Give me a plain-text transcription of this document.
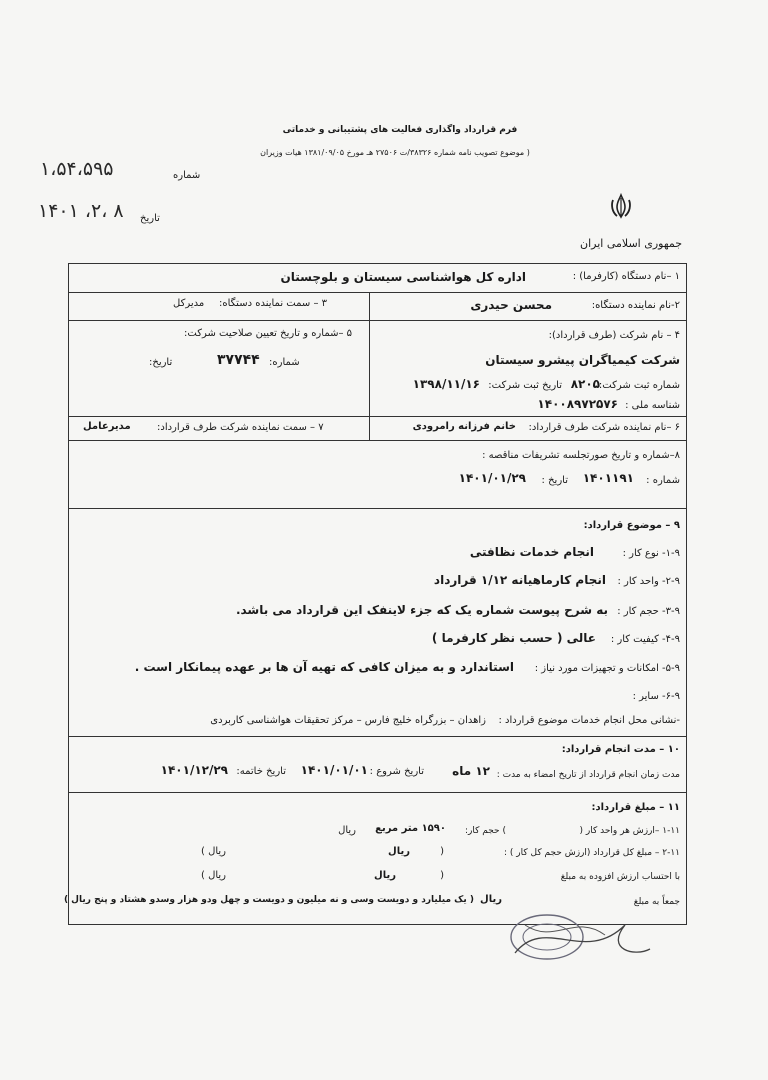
فرم قرارداد واگذاری فعالیت های پشتیبانی و خدماتی
( موضوع تصویب نامه شماره ۳۸۳۲۶/ت ۲۷۵۰۶ هـ مورخ ۱۳۸۱/۰۹/۰۵ هیات وزیران
شماره
۱،۵۴،۵۹۵
تاریخ
۱۴۰۱ ،۲، ۸
جمهوری اسلامی ایران
۱ –نام دستگاه (کارفرما) :
اداره کل هواشناسی سیستان و بلوچستان
۲-نام نماینده دستگاه:
محسن حیدری
۳ – سمت نماینده دستگاه:
مدیرکل
۴ – نام شرکت (طرف قرارداد):
شرکت کیمیاگران پیشرو سیستان
شماره ثبت شرکت:
۸۲۰۵
تاریخ ثبت شرکت:
۱۳۹۸/۱۱/۱۶
شناسه ملی :
۱۴۰۰۸۹۷۲۵۷۶
۵ –شماره و تاریخ تعیین صلاحیت شرکت:
شماره:
۳۷۷۴۴
تاریخ:
۶ –نام نماینده شرکت طرف قرارداد:
خانم فرزانه رامرودی
۷ – سمت نماینده شرکت طرف قرارداد:
مدیرعامل
۸–شماره و تاریخ صورتجلسه تشریفات مناقصه :
شماره :
۱۴۰۱۱۹۱
تاریخ :
۱۴۰۱/۰۱/۲۹
۹ – موضوع قرارداد:
۱-۹- نوع کار :
انجام خدمات نظافتی
۲-۹- واحد کار :
انجام کارماهیانه ۱/۱۲ قرارداد
۳-۹- حجم کار :
به شرح پیوست شماره یک که جزء لاینفک این قرارداد می باشد.
۴-۹- کیفیت کار :
عالی ( حسب نظر کارفرما )
۵-۹- امکانات و تجهیزات مورد نیاز :
استاندارد و به میزان کافی که تهیه آن ها بر عهده پیمانکار است .
۶-۹- سایر :
-نشانی محل انجام خدمات موضوع قرارداد :
زاهدان – بزرگراه خلیج فارس – مرکز تحقیقات هواشناسی کاربردی
۱۰ – مدت انجام قرارداد:
مدت زمان انجام قرارداد از تاریخ امضاء به مدت :
۱۲ ماه
تاریخ شروع :
۱۴۰۱/۰۱/۰۱
تاریخ خاتمه:
۱۴۰۱/۱۲/۲۹
۱۱ – مبلغ قرارداد:
۱-۱۱ –ارزش هر واحد کار (
) حجم کار:
۱۵۹۰ متر مربع
ریال
۲-۱۱ – مبلغ کل قرارداد (ارزش حجم کل کار ) :
(
ریال
ریال )
با احتساب ارزش افزوده به مبلغ
(
ریال
ریال )
جمعاً به مبلغ
ریال
( یک میلیارد و دویست وسی و نه میلیون و دویست و چهل ودو هزار وسدو هشتاد و پنج ریال )
